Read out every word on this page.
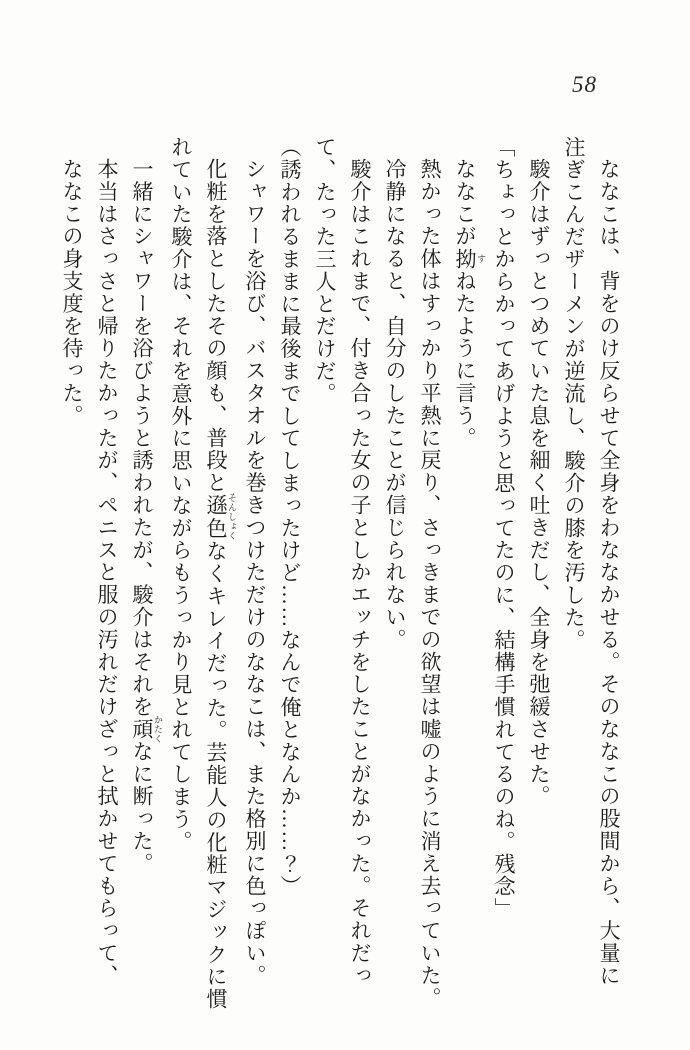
58

ななこは、背をのけ反らせて全身をわななかせる。そのななこの股間から、大量に

注ぎこんだザーメンが逆流し、駿介の膝を汚した。

駿介はずっとつめていた息を細く吐きだし、全身を弛緩させた。

「ちょっとからかってあげようと思ってたのに、結構手慣れてるのね。残念」

ななこが拗 すねたように言う。

熱かった体はすっかり平熱に戻り、さっきまでの欲望は嘘のように消え去っていた。

冷静になると、自分のしたことが信じられない。

駿介はこれまで、付き合った女の子としかエッチをしたことがなかった。それだっ

て、たった三人とだけだ。

（誘われるままに最後までしてしまったけど……なんで俺となんか……？）

シャワーを浴び、バスタオルを巻きつけただけのななこは、また格別に色っぽい。

化粧を落としたその顔も、普段と遜色 そんしょくなくキレイだった。芸能人の化粧マジックに慣

れていた駿介は、それを意外に思いながらもうっかり見とれてしまう。

一緒にシャワーを浴びようと誘われたが、駿介はそれを頑 かたくなに断った。

本当はさっさと帰りたかったが、ペニスと服の汚れだけざっと拭かせてもらって、

ななこの身支度を待った。
